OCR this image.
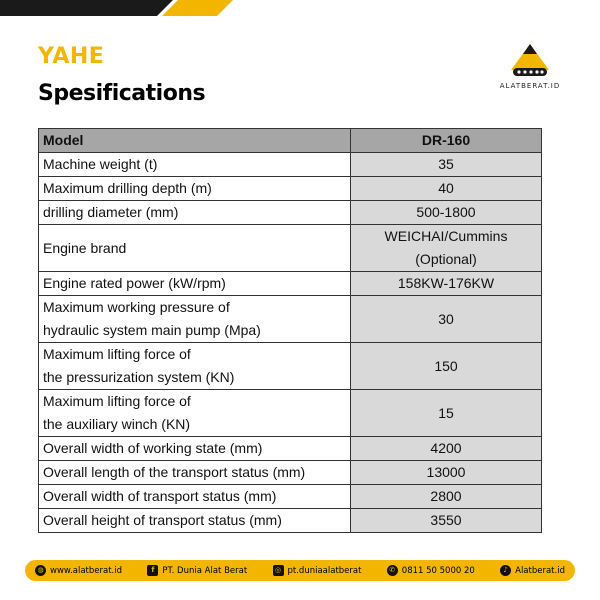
YAHE
Spesifications	ALATBERAT.ID
Model	DR-160

Machine weight (t)	35

Maximum drilling depth (m)	40

drilling diameter (mm)	500-1800

Engine brand	WEICHAI/Cummins
(Optional)

Engine rated power (kW/rpm)	158KW-176KW

Maximum working pressure of
hydraulic system main pump (Mpa)	30

Maximum lifting force of
the pressurization system (KN)	150

Maximum lifting force of
the auxiliary winch (KN)	15

Overall width of working state (mm)	4200

Overall length of the transport status (mm)	13000

Overall width of transport status (mm)	2800

Overall height of transport status (mm)	3550
◍ www.alatberat.id	f PT. Dunia Alat Berat	◎ pt.duniaalatberat	✆ 0811 50 5000 20	♪ Alatberat.id
